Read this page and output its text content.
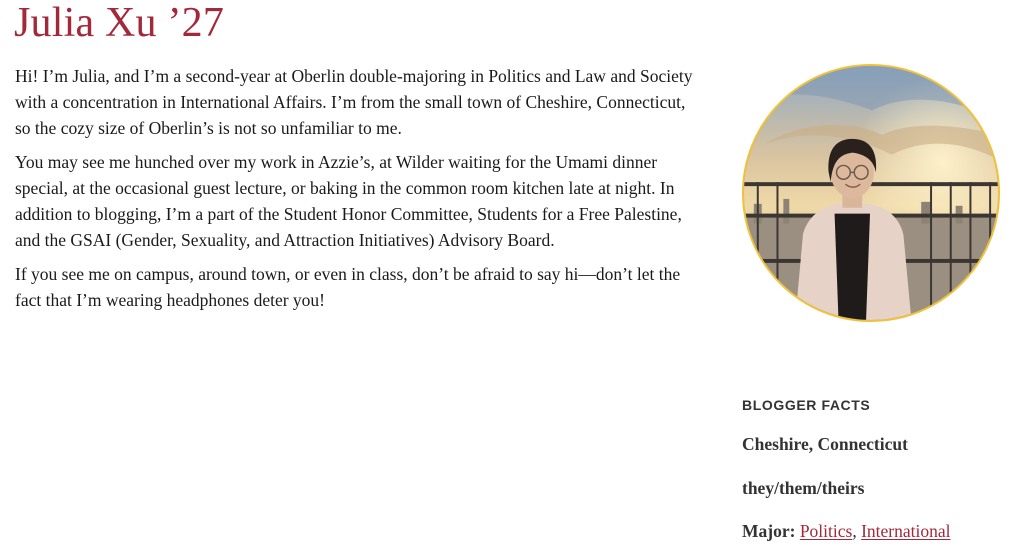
Julia Xu ’27

Hi! I’m Julia, and I’m a second-year at Oberlin double-majoring in Politics and Law and Society with a concentration in International Affairs. I’m from the small town of Cheshire, Connecticut, so the cozy size of Oberlin’s is not so unfamiliar to me.

You may see me hunched over my work in Azzie’s, at Wilder waiting for the Umami dinner special, at the occasional guest lecture, or baking in the common room kitchen late at night. In addition to blogging, I’m a part of the Student Honor Committee, Students for a Free Palestine, and the GSAI (Gender, Sexuality, and Attraction Initiatives) Advisory Board.

If you see me on campus, around town, or even in class, don’t be afraid to say hi—don’t let the fact that I’m wearing headphones deter you!

BLOGGER FACTS
Cheshire, Connecticut
they/them/theirs
Major: Politics, International
